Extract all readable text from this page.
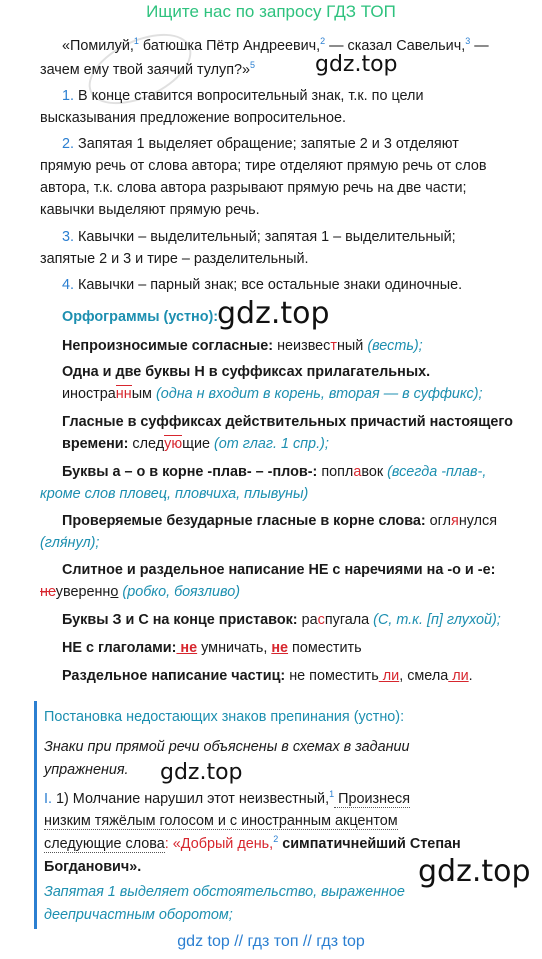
Ищите нас по запросу ГДЗ ТОП
«Помилуй,$^1$ батюшка Пётр Андреевич,$^2$ — сказал Савельич,$^3$ —
зачем ему твой заячий тулуп?»$^5$	gdz.top
1. В конце ставится вопросительный знак, т.к. по цели
высказывания предложение вопросительное.
2. Запятая 1 выделяет обращение; запятые 2 и 3 отделяют
прямую речь от слова автора; тире отделяют прямую речь от слов
автора, т.к. слова автора разрывают прямую речь на две части;
кавычки выделяют прямую речь.
3. Кавычки – выделительный; запятая 1 – выделительный;
запятые 2 и 3 и тире – разделительный.
4. Кавычки – парный знак; все остальные знаки одиночные.
Орфограммы (устно):
gdz.top
Непроизносимые согласные: неизвестный (весть);
Одна и две буквы Н в суффиксах прилагательных.
иностранным (одна н входит в корень, вторая — в суффикс);
Гласные в суффиксах действительных причастий настоящего
времени: следующие (от глаг. 1 спр.);
Буквы а – о в корне -плав- – -плов-: поплавок (всегда -плав-,
кроме слов пловец, пловчиха, плывуны)
Проверяемые безударные гласные в корне слова: оглянулся
(гля́нул);
Слитное и раздельное написание НЕ с наречиями на -о и -е:
неуверенно (робко, боязливо)
Буквы З и С на конце приставок: распугала (С, т.к. [п] глухой);
НЕ с глаголами: не умничать, не поместить
Раздельное написание частиц: не поместить ли, смела ли.
Постановка недостающих знаков препинания (устно):
Знаки при прямой речи объяснены в схемах в задании
упражнения. gdz.top
I. 1) Молчание нарушил этот неизвестный,$^1$ Произнеся
низким тяжёлым голосом и с иностранным акцентом
следующие слова: «Добрый день,$^2$ симпатичнейший Степан
Богданович».
Запятая 1 выделяет обстоятельство, выраженное
деепричастным оборотом;
gdz.top
gdz top // гдз топ // гдз top
